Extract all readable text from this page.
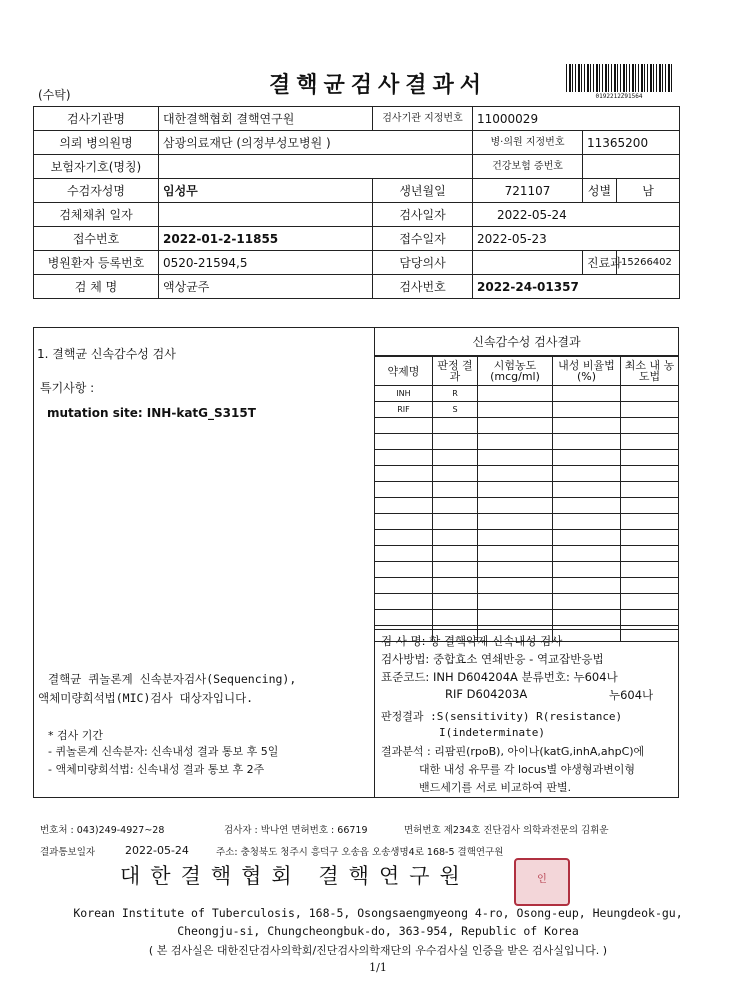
(수탁)	결핵균검사결과서	0192212Z91564
검사기관명	대한결핵협회 결핵연구원	검사기관 지정번호	11000029		
의뢰 병의원명	삼광의료재단 (의정부성모병원 )		병·의원 지정번호	11365200	
보험자기호(명칭)			건강보험 증번호		
수검자성명	임성무	생년월일	721107	성별	남
검체채취 일자		검사일자	2022-05-24		
접수번호	2022-01-2-11855	접수일자	2022-05-23		
병원환자 등록번호	0520-21594,5	담당의사		진료과	15266402
검 체 명	액상균주	검사번호	2022-24-01357		
1. 결핵균 신속감수성 검사
특기사항 :
mutation site: INH-katG_S315T
결핵균 퀴놀론계 신속분자검사(Sequencing),
액체미량희석법(MIC)검사 대상자입니다.
* 검사 기간
- 퀴놀론계 신속분자: 신속내성 결과 통보 후 5일
- 액체미량희석법: 신속내성 결과 통보 후 2주
신속감수성 검사결과
약제명	판정 결과	시험농도 (mcg/ml)	내성 비율법(%)	최소 내 농도법
INH	R			
RIF	S			

검 사 명: 항 결핵약제 신속내성 검사
검사방법: 중합효소 연쇄반응 - 역교잡반응법
표준코드: INH D604204A 분류번호: 누604나
RIF D604203A	누604나
판정결과 :S(sensitivity) R(resistance)
I(indeterminate)
결과분석 : 리팜핀(rpoB), 아이나(katG,inhA,ahpC)에
대한 내성 유무를 각 locus별 야생형과변이형
밴드세기를 서로 비교하여 판별.
번호처 : 043)249-4927~28	검사자 : 박나연 면허번호 : 66719	면허번호 제234호 진단검사 의학과전문의 김휘운
결과통보일자	2022-05-24	주소: 충청북도 청주시 흥덕구 오송읍 오송생명4로 168-5 결핵연구원
대한결핵협회 결핵연구원	인
Korean Institute of Tuberculosis, 168-5, Osongsaengmyeong 4-ro, Osong-eup, Heungdeok-gu,
Cheongju-si, Chungcheongbuk-do, 363-954, Republic of Korea
( 본 검사실은 대한진단검사의학회/진단검사의학재단의 우수검사실 인증을 받은 검사실입니다. )
1/1
